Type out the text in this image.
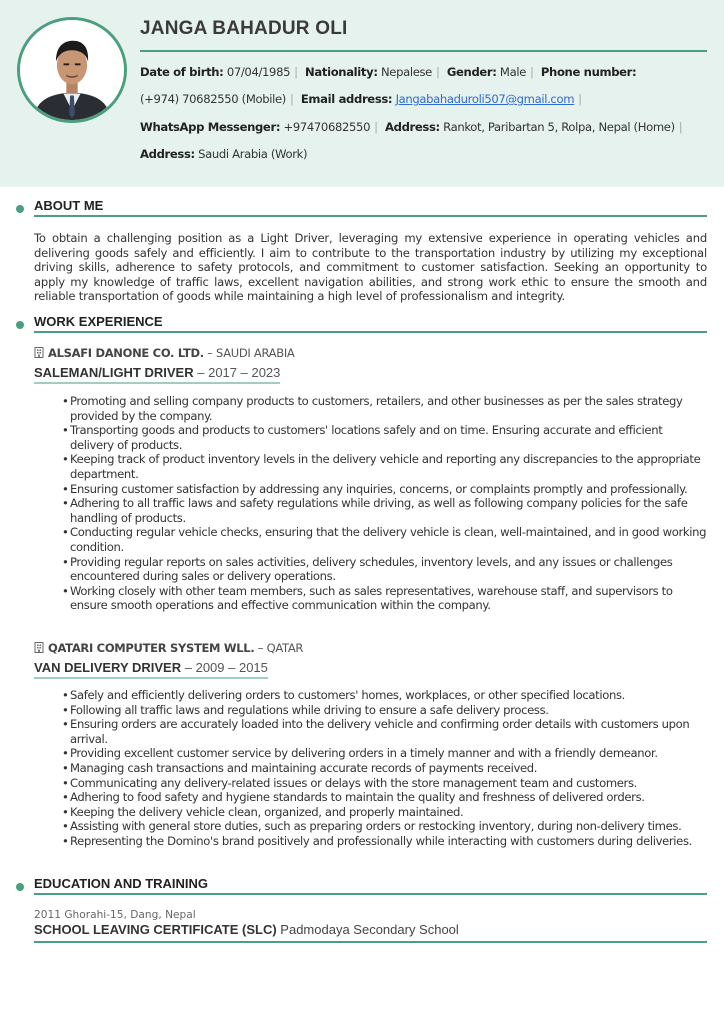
JANGA BAHADUR OLI
Date of birth: 07/04/1985 | Nationality: Nepalese | Gender: Male | Phone number:
(+974) 70682550 (Mobile) | Email address: Jangabahaduroli507@gmail.com |
WhatsApp Messenger: +97470682550 | Address: Rankot, Paribartan 5, Rolpa, Nepal (Home) |
Address: Saudi Arabia (Work)
ABOUT ME
To obtain a challenging position as a Light Driver, leveraging my extensive experience in operating vehicles and delivering goods safely and efficiently. I aim to contribute to the transportation industry by utilizing my exceptional driving skills, adherence to safety protocols, and commitment to customer satisfaction. Seeking an opportunity to apply my knowledge of traffic laws, excellent navigation abilities, and strong work ethic to ensure the smooth and reliable transportation of goods while maintaining a high level of professionalism and integrity.
WORK EXPERIENCE
ALSAFI DANONE CO. LTD. – SAUDI ARABIA
SALEMAN/LIGHT DRIVER – 2017 – 2023
• Promoting and selling company products to customers, retailers, and other businesses as per the sales strategy provided by the company.
• Transporting goods and products to customers' locations safely and on time. Ensuring accurate and efficient delivery of products.
• Keeping track of product inventory levels in the delivery vehicle and reporting any discrepancies to the appropriate department.
• Ensuring customer satisfaction by addressing any inquiries, concerns, or complaints promptly and professionally.
• Adhering to all traffic laws and safety regulations while driving, as well as following company policies for the safe handling of products.
• Conducting regular vehicle checks, ensuring that the delivery vehicle is clean, well-maintained, and in good working condition.
• Providing regular reports on sales activities, delivery schedules, inventory levels, and any issues or challenges encountered during sales or delivery operations.
• Working closely with other team members, such as sales representatives, warehouse staff, and supervisors to ensure smooth operations and effective communication within the company.
QATARI COMPUTER SYSTEM WLL. – QATAR
VAN DELIVERY DRIVER – 2009 – 2015
• Safely and efficiently delivering orders to customers' homes, workplaces, or other specified locations.
• Following all traffic laws and regulations while driving to ensure a safe delivery process.
• Ensuring orders are accurately loaded into the delivery vehicle and confirming order details with customers upon arrival.
• Providing excellent customer service by delivering orders in a timely manner and with a friendly demeanor.
• Managing cash transactions and maintaining accurate records of payments received.
• Communicating any delivery-related issues or delays with the store management team and customers.
• Adhering to food safety and hygiene standards to maintain the quality and freshness of delivered orders.
• Keeping the delivery vehicle clean, organized, and properly maintained.
• Assisting with general store duties, such as preparing orders or restocking inventory, during non-delivery times.
• Representing the Domino's brand positively and professionally while interacting with customers during deliveries.
EDUCATION AND TRAINING
2011 Ghorahi-15, Dang, Nepal
SCHOOL LEAVING CERTIFICATE (SLC) Padmodaya Secondary School
